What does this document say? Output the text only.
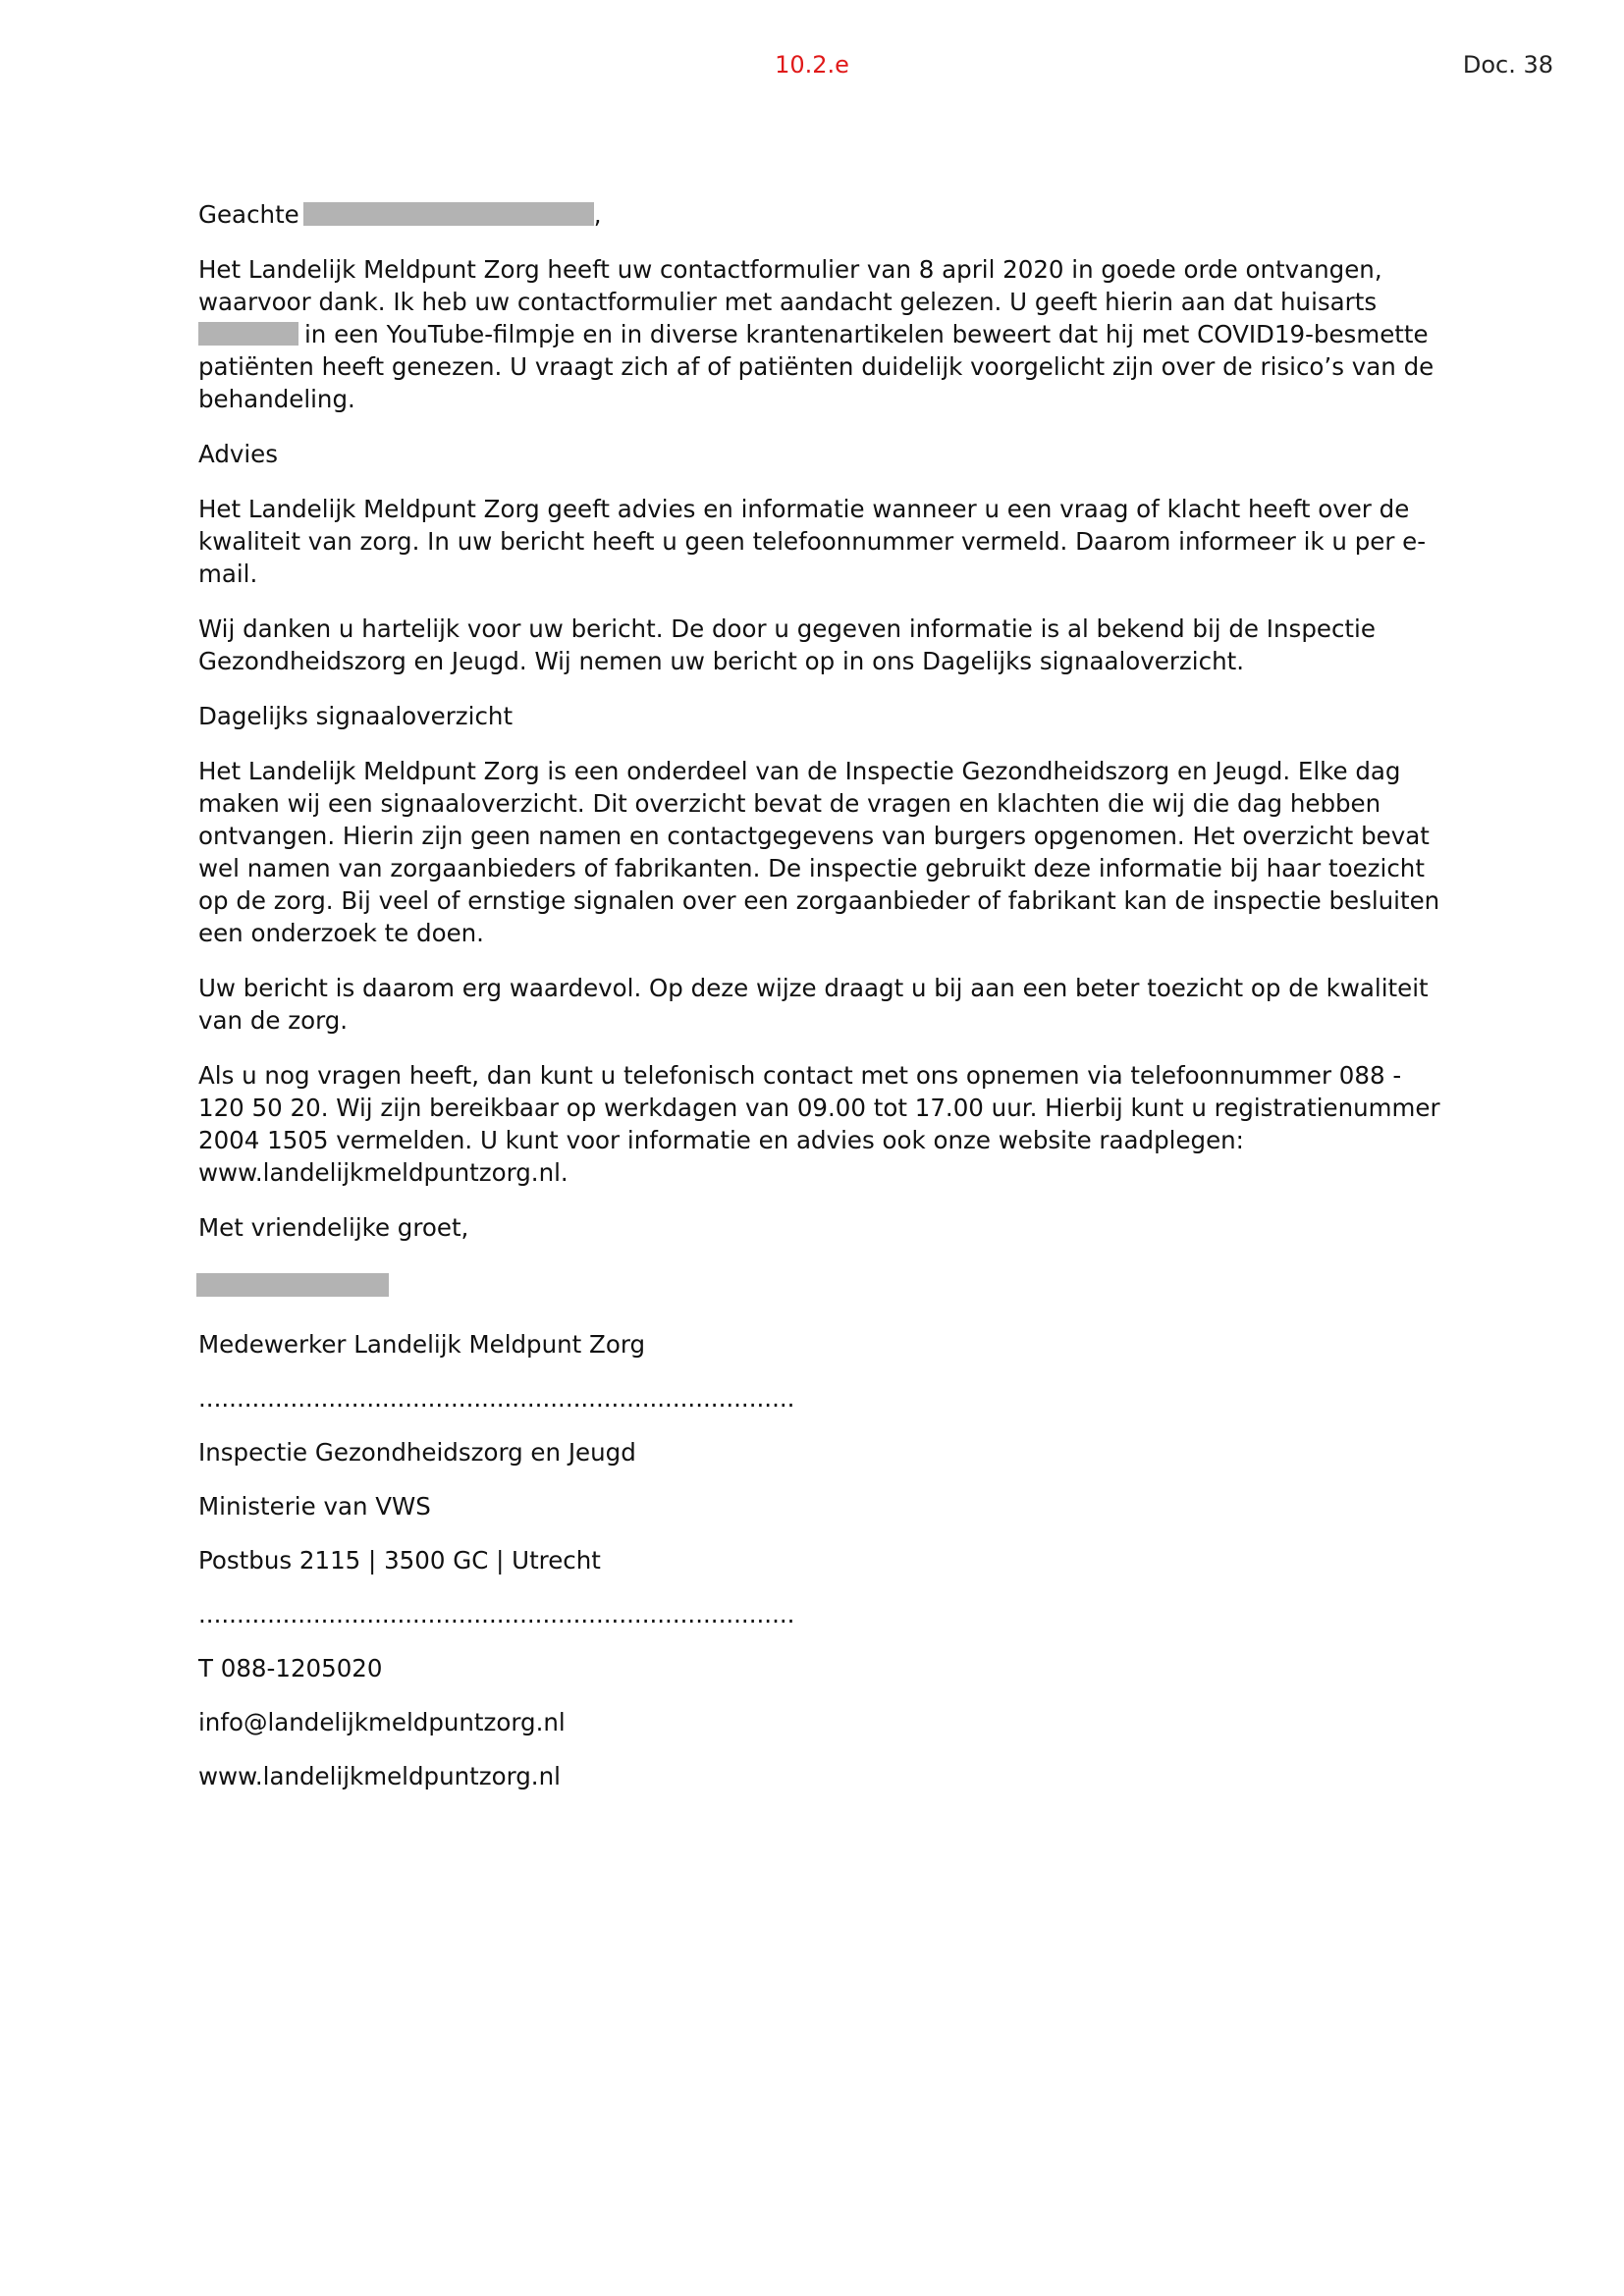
10.2.e	Doc. 38

Geachte	,

Het Landelijk Meldpunt Zorg heeft uw contactformulier van 8 april 2020 in goede orde ontvangen, waarvoor dank. Ik heb uw contactformulier met aandacht gelezen. U geeft hierin aan dat huisarts in een YouTube-filmpje en in diverse krantenartikelen beweert dat hij met COVID19-besmette patiënten heeft genezen. U vraagt zich af of patiënten duidelijk voorgelicht zijn over de risico’s van de behandeling.

Advies

Het Landelijk Meldpunt Zorg geeft advies en informatie wanneer u een vraag of klacht heeft over de kwaliteit van zorg. In uw bericht heeft u geen telefoonnummer vermeld. Daarom informeer ik u per e-mail.

Wij danken u hartelijk voor uw bericht. De door u gegeven informatie is al bekend bij de Inspectie Gezondheidszorg en Jeugd. Wij nemen uw bericht op in ons Dagelijks signaaloverzicht.

Dagelijks signaaloverzicht

Het Landelijk Meldpunt Zorg is een onderdeel van de Inspectie Gezondheidszorg en Jeugd. Elke dag maken wij een signaaloverzicht. Dit overzicht bevat de vragen en klachten die wij die dag hebben ontvangen. Hierin zijn geen namen en contactgegevens van burgers opgenomen. Het overzicht bevat wel namen van zorgaanbieders of fabrikanten. De inspectie gebruikt deze informatie bij haar toezicht op de zorg. Bij veel of ernstige signalen over een zorgaanbieder of fabrikant kan de inspectie besluiten een onderzoek te doen.

Uw bericht is daarom erg waardevol. Op deze wijze draagt u bij aan een beter toezicht op de kwaliteit van de zorg.

Als u nog vragen heeft, dan kunt u telefonisch contact met ons opnemen via telefoonnummer 088 - 120 50 20. Wij zijn bereikbaar op werkdagen van 09.00 tot 17.00 uur. Hierbij kunt u registratienummer 2004 1505 vermelden. U kunt voor informatie en advies ook onze website raadplegen: www.landelijkmeldpuntzorg.nl.

Met vriendelijke groet,

Medewerker Landelijk Meldpunt Zorg

..............................................................................

Inspectie Gezondheidszorg en Jeugd

Ministerie van VWS

Postbus 2115 | 3500 GC | Utrecht

..............................................................................

T 088-1205020

info@landelijkmeldpuntzorg.nl

www.landelijkmeldpuntzorg.nl
